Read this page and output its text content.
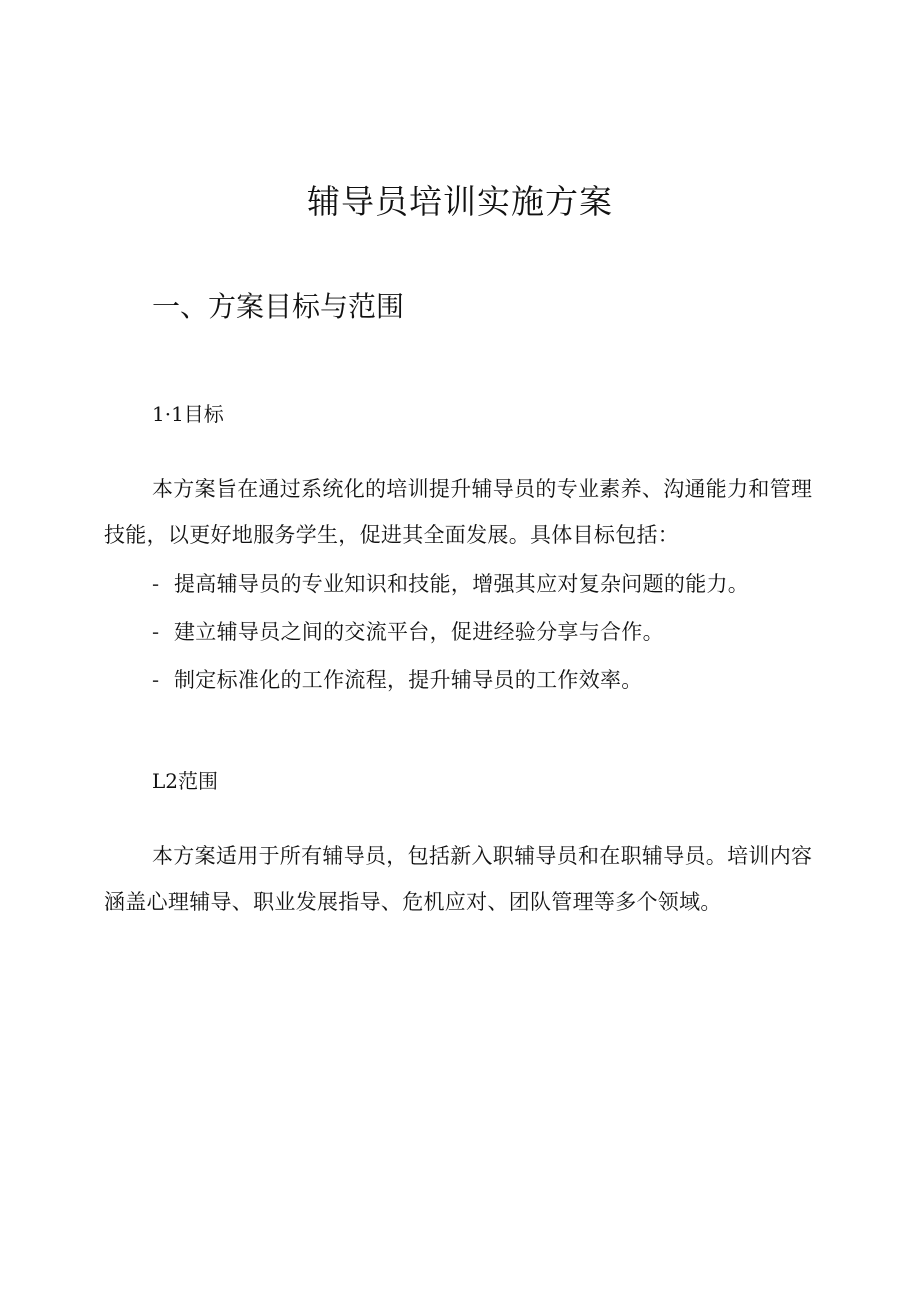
辅导员培训实施方案
一、方案目标与范围
1·1目标
本方案旨在通过系统化的培训提升辅导员的专业素养、沟通能力和管理技能，以更好地服务学生，促进其全面发展。具体目标包括：
- 提高辅导员的专业知识和技能，增强其应对复杂问题的能力。
- 建立辅导员之间的交流平台，促进经验分享与合作。
- 制定标准化的工作流程，提升辅导员的工作效率。
L2范围
本方案适用于所有辅导员，包括新入职辅导员和在职辅导员。培训内容涵盖心理辅导、职业发展指导、危机应对、团队管理等多个领域。
